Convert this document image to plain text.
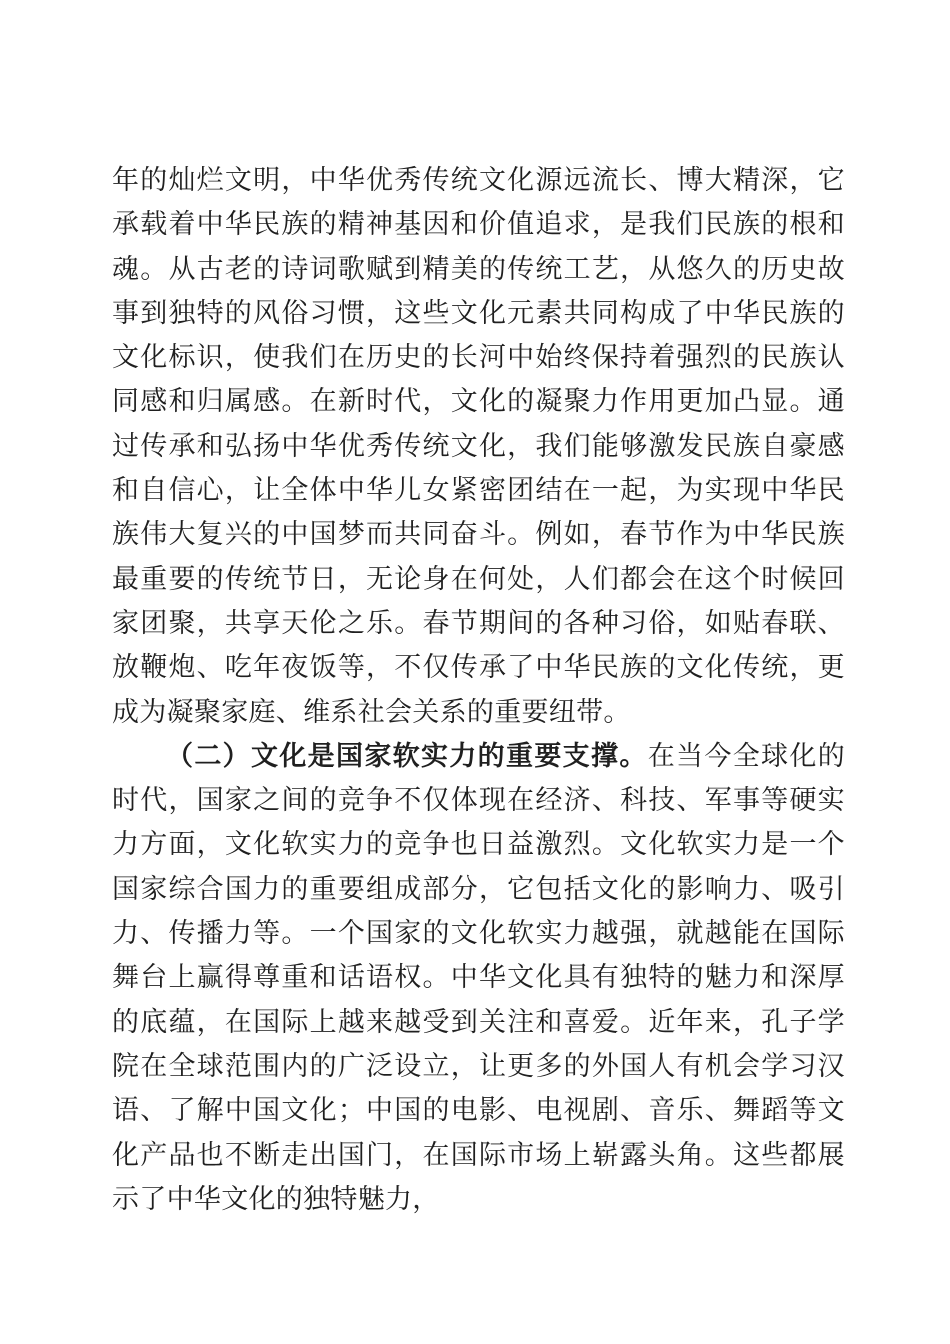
年的灿烂文明，中华优秀传统文化源远流长、博大精深，它承载着中华民族的精神基因和价值追求，是我们民族的根和魂。从古老的诗词歌赋到精美的传统工艺，从悠久的历史故事到独特的风俗习惯，这些文化元素共同构成了中华民族的文化标识，使我们在历史的长河中始终保持着强烈的民族认同感和归属感。在新时代，文化的凝聚力作用更加凸显。通过传承和弘扬中华优秀传统文化，我们能够激发民族自豪感和自信心，让全体中华儿女紧密团结在一起，为实现中华民族伟大复兴的中国梦而共同奋斗。例如，春节作为中华民族最重要的传统节日，无论身在何处，人们都会在这个时候回家团聚，共享天伦之乐。春节期间的各种习俗，如贴春联、放鞭炮、吃年夜饭等，不仅传承了中华民族的文化传统，更成为凝聚家庭、维系社会关系的重要纽带。

（二）文化是国家软实力的重要支撑。在当今全球化的时代，国家之间的竞争不仅体现在经济、科技、军事等硬实力方面，文化软实力的竞争也日益激烈。文化软实力是一个国家综合国力的重要组成部分，它包括文化的影响力、吸引力、传播力等。一个国家的文化软实力越强，就越能在国际舞台上赢得尊重和话语权。中华文化具有独特的魅力和深厚的底蕴，在国际上越来越受到关注和喜爱。近年来，孔子学院在全球范围内的广泛设立，让更多的外国人有机会学习汉语、了解中国文化；中国的电影、电视剧、音乐、舞蹈等文化产品也不断走出国门，在国际市场上崭露头角。这些都展示了中华文化的独特魅力，
